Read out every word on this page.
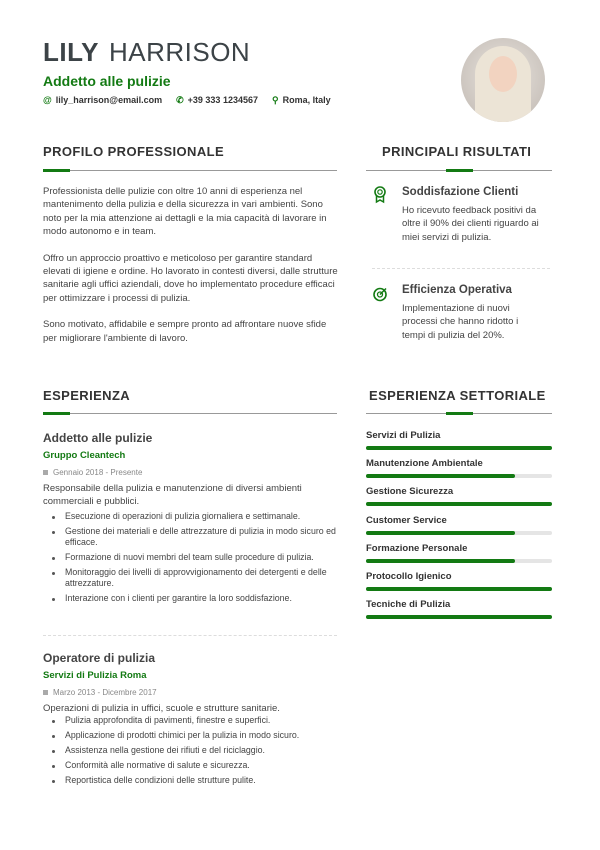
LILY HARRISON
Addetto alle pulizie
@ lily_harrison@email.com ✆ +39 333 1234567 ⚲ Roma, Italy
PROFILO PROFESSIONALE

Professionista delle pulizie con oltre 10 anni di esperienza nel mantenimento della pulizia e della sicurezza in vari ambienti. Sono noto per la mia attenzione ai dettagli e la mia capacità di lavorare in modo autonomo e in team.

Offro un approccio proattivo e meticoloso per garantire standard elevati di igiene e ordine. Ho lavorato in contesti diversi, dalle strutture sanitarie agli uffici aziendali, dove ho implementato procedure efficaci per ottimizzare i processi di pulizia.

Sono motivato, affidabile e sempre pronto ad affrontare nuove sfide per migliorare l'ambiente di lavoro.

PRINCIPALI RISULTATI
Soddisfazione Clienti
Ho ricevuto feedback positivi da oltre il 90% dei clienti riguardo ai miei servizi di pulizia.
Efficienza Operativa
Implementazione di nuovi processi che hanno ridotto i tempi di pulizia del 20%.
ESPERIENZA
Addetto alle pulizie
Gruppo Cleantech
Gennaio 2018 - Presente

Responsabile della pulizia e manutenzione di diversi ambienti commerciali e pubblici.

Esecuzione di operazioni di pulizia giornaliera e settimanale.
Gestione dei materiali e delle attrezzature di pulizia in modo sicuro ed efficace.
Formazione di nuovi membri del team sulle procedure di pulizia.
Monitoraggio dei livelli di approvvigionamento dei detergenti e delle attrezzature.
Interazione con i clienti per garantire la loro soddisfazione.
Operatore di pulizia
Servizi di Pulizia Roma
Marzo 2013 - Dicembre 2017

Operazioni di pulizia in uffici, scuole e strutture sanitarie.

Pulizia approfondita di pavimenti, finestre e superfici.
Applicazione di prodotti chimici per la pulizia in modo sicuro.
Assistenza nella gestione dei rifiuti e del riciclaggio.
Conformità alle normative di salute e sicurezza.
Reportistica delle condizioni delle strutture pulite.
ESPERIENZA SETTORIALE
Servizi di Pulizia
Manutenzione Ambientale
Gestione Sicurezza
Customer Service
Formazione Personale
Protocollo Igienico
Tecniche di Pulizia
